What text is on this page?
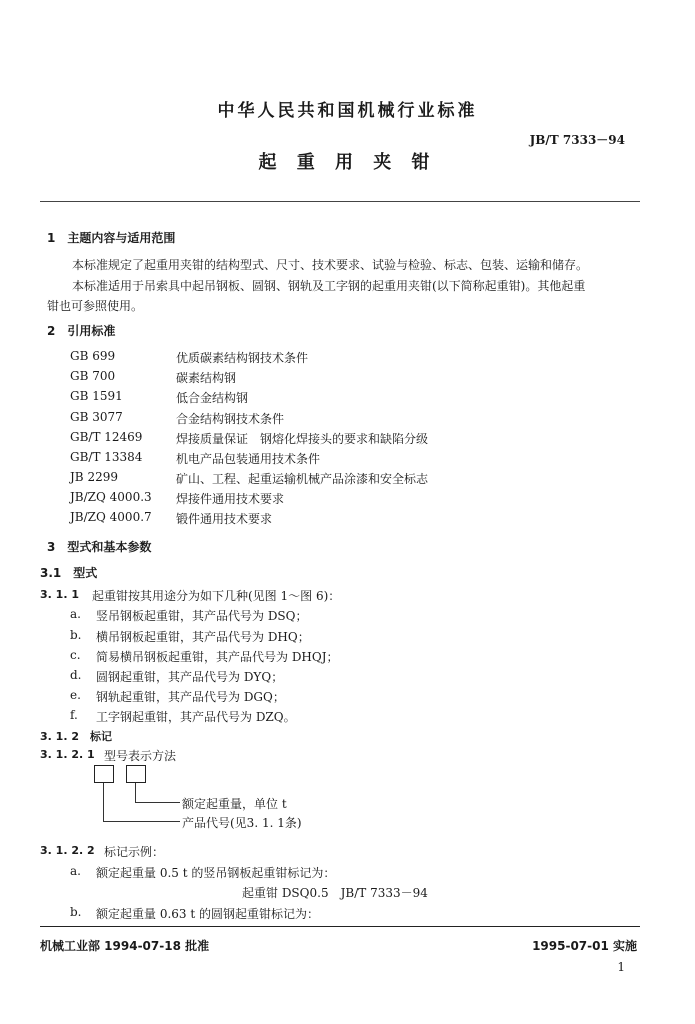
中华人民共和国机械行业标准
JB/T 7333－94
起 重 用 夹 钳
1　主题内容与适用范围
本标准规定了起重用夹钳的结构型式、尺寸、技术要求、试验与检验、标志、包装、运输和储存。
本标准适用于吊索具中起吊钢板、圆钢、钢轨及工字钢的起重用夹钳(以下简称起重钳)。其他起重
钳也可参照使用。
2　引用标准
GB 699	优质碳素结构钢技术条件
GB 700	碳素结构钢
GB 1591	低合金结构钢
GB 3077	合金结构钢技术条件
GB/T 12469	焊接质量保证　钢熔化焊接头的要求和缺陷分级
GB/T 13384	机电产品包装通用技术条件
JB 2299	矿山、工程、起重运输机械产品涂漆和安全标志
JB/ZQ 4000.3 焊接件通用技术要求
JB/ZQ 4000.7 锻件通用技术要求
3　型式和基本参数
3.1　型式
3. 1. 1 起重钳按其用途分为如下几种(见图 1～图 6)：
a. 竖吊钢板起重钳，其产品代号为 DSQ；
b. 横吊钢板起重钳，其产品代号为 DHQ；
c. 简易横吊钢板起重钳，其产品代号为 DHQJ；
d. 圆钢起重钳，其产品代号为 DYQ；
e. 钢轨起重钳，其产品代号为 DGQ；
f. 工字钢起重钳，其产品代号为 DZQ。
3. 1. 2　标记
3. 1. 2. 1 型号表示方法
额定起重量，单位 t
产品代号(见3. 1. 1条)
3. 1. 2. 2 标记示例：
a. 额定起重量 0.5 t 的竖吊钢板起重钳标记为：
起重钳 DSQ0.5　JB/T 7333－94
b. 额定起重量 0.63 t 的圆钢起重钳标记为：
机械工业部 1994-07-18 批准	1995-07-01 实施
1
